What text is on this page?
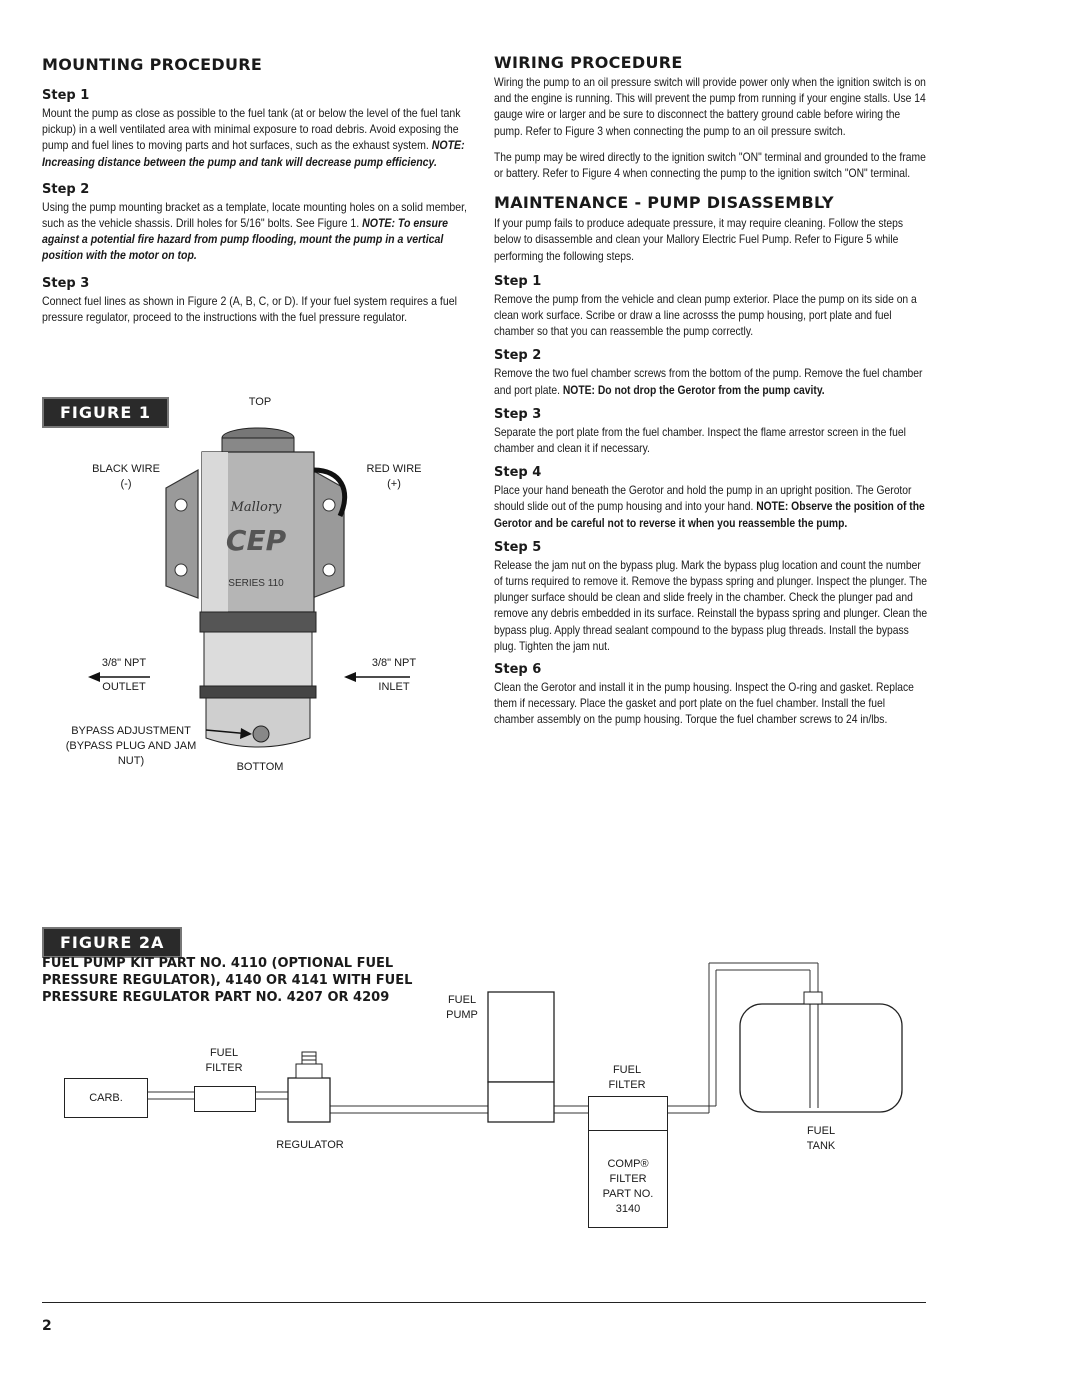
MOUNTING PROCEDURE
Step 1

Mount the pump as close as possible to the fuel tank (at or below the level of the fuel tank pickup) in a well ventilated area with minimal exposure to road debris. Avoid exposing the pump and fuel lines to moving parts and hot surfaces, such as the exhaust system. NOTE: Increasing distance between the pump and tank will decrease pump efficiency.

Step 2

Using the pump mounting bracket as a template, locate mounting holes on a solid member, such as the vehicle shassis. Drill holes for 5/16" bolts. See Figure 1. NOTE: To ensure against a potential fire hazard from pump flooding, mount the pump in a vertical position with the motor on top.

Step 3

Connect fuel lines as shown in Figure 2 (A, B, C, or D). If your fuel system requires a fuel pressure regulator, proceed to the instructions with the fuel pressure regulator.

WIRING PROCEDURE

Wiring the pump to an oil pressure switch will provide power only when the ignition switch is on and the engine is running. This will prevent the pump from running if your engine stalls. Use 14 gauge wire or larger and be sure to disconnect the battery ground cable before wiring the pump. Refer to Figure 3 when connecting the pump to an oil pressure switch.

The pump may be wired directly to the ignition switch "ON" terminal and grounded to the frame or battery. Refer to Figure 4 when connecting the pump to the ignition switch "ON" terminal.

MAINTENANCE - PUMP DISASSEMBLY

If your pump fails to produce adequate pressure, it may require cleaning. Follow the steps below to disassemble and clean your Mallory Electric Fuel Pump. Refer to Figure 5 while performing the following steps.

Step 1

Remove the pump from the vehicle and clean pump exterior. Place the pump on its side on a clean work surface. Scribe or draw a line acrosss the pump housing, port plate and fuel chamber so that you can reassemble the pump correctly.

Step 2

Remove the two fuel chamber screws from the bottom of the pump. Remove the fuel chamber and port plate. NOTE: Do not drop the Gerotor from the pump cavity.

Step 3

Separate the port plate from the fuel chamber. Inspect the flame arrestor screen in the fuel chamber and clean it if necessary.

Step 4

Place your hand beneath the Gerotor and hold the pump in an upright position. The Gerotor should slide out of the pump housing and into your hand. NOTE: Observe the position of the Gerotor and be careful not to reverse it when you reassemble the pump.

Step 5

Release the jam nut on the bypass plug. Mark the bypass plug location and count the number of turns required to remove it. Remove the bypass spring and plunger. Inspect the plunger. The plunger surface should be clean and slide freely in the chamber. Check the plunger pad and remove any debris embedded in its surface. Reinstall the bypass spring and plunger. Clean the bypass plug. Apply thread sealant compound to the bypass plug threads. Install the bypass plug. Tighten the jam nut.

Step 6

Clean the Gerotor and install it in the pump housing. Inspect the O-ring and gasket. Replace them if necessary. Place the gasket and port plate on the fuel chamber. Install the fuel chamber assembly on the pump housing. Torque the fuel chamber screws to 24 in/lbs.

FIGURE 1
Mallory
CEP
SERIES 110
TOP
BLACK WIRE
(-)
RED WIRE
(+)
3/8" NPT
OUTLET
3/8" NPT
INLET
BYPASS ADJUSTMENT
(BYPASS PLUG AND JAM
NUT)	BOTTOM
FIGURE 2A
FUEL PUMP KIT PART NO. 4110 (OPTIONAL FUEL
PRESSURE REGULATOR), 4140 OR 4141 WITH FUEL
PRESSURE REGULATOR PART NO. 4207 OR 4209
CARB.
FUEL
FILTER
REGULATOR
FUEL
PUMP
FUEL
FILTER
COMP® FILTER
PART NO.
3140
FUEL
TANK
2
